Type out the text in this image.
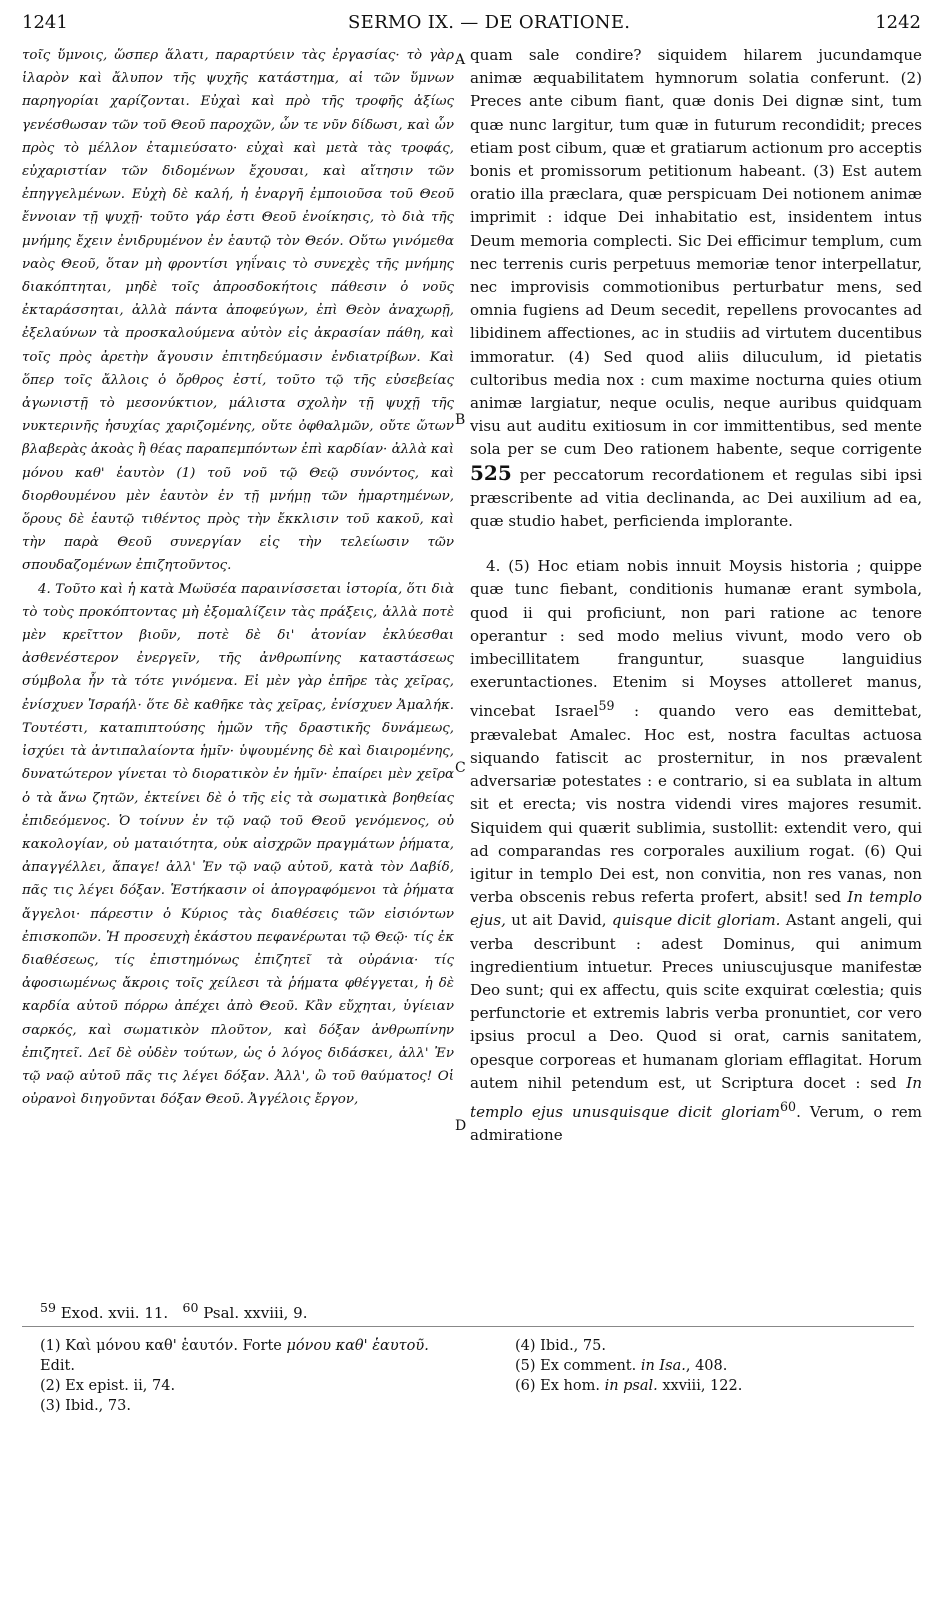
1241	SERMO IX. — DE ORATIONE.	1242

τοῖς ὕμνοις, ὥσπερ ἅλατι, παραρτύειν τὰς ἐργασίας· τὸ γὰρ ἱλαρὸν καὶ ἄλυπον τῆς ψυχῆς κατάστημα, αἱ τῶν ὕμνων παρηγορίαι χαρίζονται. Εὐχαὶ καὶ πρὸ τῆς τροφῆς ἀξίως γενέσθωσαν τῶν τοῦ Θεοῦ παροχῶν, ὧν τε νῦν δίδωσι, καὶ ὧν πρὸς τὸ μέλλον ἐταμιεύσατο· εὐχαὶ καὶ μετὰ τὰς τροφάς, εὐχαριστίαν τῶν διδομένων ἔχουσαι, καὶ αἴτησιν τῶν ἐπηγγελμένων. Εὐχὴ δὲ καλή, ἡ ἐναργῆ ἐμποιοῦσα τοῦ Θεοῦ ἔννοιαν τῇ ψυχῇ· τοῦτο γάρ ἐστι Θεοῦ ἐνοίκησις, τὸ διὰ τῆς μνήμης ἔχειν ἐνιδρυμένον ἐν ἑαυτῷ τὸν Θεόν. Οὕτω γινόμεθα ναὸς Θεοῦ, ὅταν μὴ φροντίσι γηΐναις τὸ συνεχὲς τῆς μνήμης διακόπτηται, μηδὲ τοῖς ἀπροσδοκήτοις πάθεσιν ὁ νοῦς ἐκταράσσηται, ἀλλὰ πάντα ἀποφεύγων, ἐπὶ Θεὸν ἀναχωρῇ, ἐξελαύνων τὰ προσκαλούμενα αὐτὸν εἰς ἀκρασίαν πάθη, καὶ τοῖς πρὸς ἀρετὴν ἄγουσιν ἐπιτηδεύμασιν ἐνδιατρίβων. Καὶ ὅπερ τοῖς ἄλλοις ὁ ὄρθρος ἐστί, τοῦτο τῷ τῆς εὐσεβείας ἀγωνιστῇ τὸ μεσονύκτιον, μάλιστα σχολὴν τῇ ψυχῇ τῆς νυκτερινῆς ἡσυχίας χαριζομένης, οὔτε ὀφθαλμῶν, οὔτε ὤτων βλαβερὰς ἀκοὰς ἢ θέας παραπεμπόντων ἐπὶ καρδίαν· ἀλλὰ καὶ μόνου καθ' ἑαυτὸν (1) τοῦ νοῦ τῷ Θεῷ συνόντος, καὶ διορθουμένου μὲν ἑαυτὸν ἐν τῇ μνήμῃ τῶν ἡμαρτημένων, ὅρους δὲ ἑαυτῷ τιθέντος πρὸς τὴν ἔκκλισιν τοῦ κακοῦ, καὶ τὴν παρὰ Θεοῦ συνεργίαν εἰς τὴν τελείωσιν τῶν σπουδαζομένων ἐπιζητοῦντος.

4. Τοῦτο καὶ ἡ κατὰ Μωϋσέα παραινίσσεται ἱστορία, ὅτι διὰ τὸ τοὺς προκόπτοντας μὴ ἐξομαλίζειν τὰς πράξεις, ἀλλὰ ποτὲ μὲν κρεῖττον βιοῦν, ποτὲ δὲ δι' ἀτονίαν ἐκλύεσθαι ἀσθενέστερον ἐνεργεῖν, τῆς ἀνθρωπίνης καταστάσεως σύμβολα ἦν τὰ τότε γινόμενα. Εἰ μὲν γὰρ ἐπῆρε τὰς χεῖρας, ἐνίσχυεν Ἰσραήλ· ὅτε δὲ καθῆκε τὰς χεῖρας, ἐνίσχυεν Ἀμαλήκ. Τουτέστι, καταπιπτούσης ἡμῶν τῆς δραστικῆς δυνάμεως, ἰσχύει τὰ ἀντιπαλαίοντα ἡμῖν· ὑψουμένης δὲ καὶ διαιρομένης, δυνατώτερον γίνεται τὸ διορατικὸν ἐν ἡμῖν· ἐπαίρει μὲν χεῖρα ὁ τὰ ἄνω ζητῶν, ἐκτείνει δὲ ὁ τῆς εἰς τὰ σωματικὰ βοηθείας ἐπιδεόμενος. Ὁ τοίνυν ἐν τῷ ναῷ τοῦ Θεοῦ γενόμενος, οὐ κακολογίαν, οὐ ματαιότητα, οὐκ αἰσχρῶν πραγμάτων ῥήματα, ἀπαγγέλλει, ἄπαγε! ἀλλ' Ἐν τῷ ναῷ αὐτοῦ, κατὰ τὸν Δαβίδ, πᾶς τις λέγει δόξαν. Ἑστήκασιν οἱ ἀπογραφόμενοι τὰ ῥήματα ἄγγελοι· πάρεστιν ὁ Κύριος τὰς διαθέσεις τῶν εἰσιόντων ἐπισκοπῶν. Ἡ προσευχὴ ἑκάστου πεφανέρωται τῷ Θεῷ· τίς ἐκ διαθέσεως, τίς ἐπιστημόνως ἐπιζητεῖ τὰ οὐράνια· τίς ἀφοσιωμένως ἄκροις τοῖς χείλεσι τὰ ῥήματα φθέγγεται, ἡ δὲ καρδία αὐτοῦ πόρρω ἀπέχει ἀπὸ Θεοῦ. Κἂν εὔχηται, ὑγίειαν σαρκός, καὶ σωματικὸν πλοῦτον, καὶ δόξαν ἀνθρωπίνην ἐπιζητεῖ. Δεῖ δὲ οὐδὲν τούτων, ὡς ὁ λόγος διδάσκει, ἀλλ' Ἐν τῷ ναῷ αὐτοῦ πᾶς τις λέγει δόξαν. Ἀλλ', ὢ τοῦ θαύματος! Οἱ οὐρανοὶ διηγοῦνται δόξαν Θεοῦ. Ἀγγέλοις ἔργον,

A
B
C
D

quam sale condire? siquidem hilarem jucundamque animæ æquabilitatem hymnorum solatia conferunt. (2) Preces ante cibum fiant, quæ donis Dei dignæ sint, tum quæ nunc largitur, tum quæ in futurum recondidit; preces etiam post cibum, quæ et gratiarum actionum pro acceptis bonis et promissorum petitionum habeant. (3) Est autem oratio illa præclara, quæ perspicuam Dei notionem animæ imprimit : idque Dei inhabitatio est, insidentem intus Deum memoria complecti. Sic Dei efficimur templum, cum nec terrenis curis perpetuus memoriæ tenor interpellatur, nec improvisis commotionibus perturbatur mens, sed omnia fugiens ad Deum secedit, repellens provocantes ad libidinem affectiones, ac in studiis ad virtutem ducentibus immoratur. (4) Sed quod aliis diluculum, id pietatis cultoribus media nox : cum maxime nocturna quies otium animæ largiatur, neque oculis, neque auribus quidquam visu aut auditu exitiosum in cor immittentibus, sed mente sola per se cum Deo rationem habente, seque corrigente 525 per peccatorum recordationem et regulas sibi ipsi præscribente ad vitia declinanda, ac Dei auxilium ad ea, quæ studio habet, perficienda implorante.

4. (5) Hoc etiam nobis innuit Moysis historia ; quippe quæ tunc fiebant, conditionis humanæ erant symbola, quod ii qui proficiunt, non pari ratione ac tenore operantur : sed modo melius vivunt, modo vero ob imbecillitatem franguntur, suasque languidius exeruntactiones. Etenim si Moyses attolleret manus, vincebat Israel$^{59}$ : quando vero eas demittebat, prævalebat Amalec. Hoc est, nostra facultas actuosa siquando fatiscit ac prosternitur, in nos prævalent adversariæ potestates : e contrario, si ea sublata in altum sit et erecta; vis nostra videndi vires majores resumit. Siquidem qui quærit sublimia, sustollit: extendit vero, qui ad comparandas res corporales auxilium rogat. (6) Qui igitur in templo Dei est, non convitia, non res vanas, non verba obscenis rebus referta profert, absit! sed In templo ejus, ut ait David, quisque dicit gloriam. Astant angeli, qui verba describunt : adest Dominus, qui animum ingredientium intuetur. Preces uniuscujusque manifestæ Deo sunt; qui ex affectu, quis scite exquirat cœlestia; quis perfunctorie et extremis labris verba pronuntiet, cor vero ipsius procul a Deo. Quod si orat, carnis sanitatem, opesque corporeas et humanam gloriam efflagitat. Horum autem nihil petendum est, ut Scriptura docet : sed In templo ejus unusquisque dicit gloriam$^{60}$. Verum, o rem admiratione

$^{59}$ Exod. xvii. 11. $^{60}$ Psal. xxviii, 9.

(1) Καὶ μόνου καθ' ἑαυτόν. Forte μόνου καθ' ἑαυτοῦ. Edit.

(2) Ex epist. ii, 74.

(3) Ibid., 73.

(4) Ibid., 75.

(5) Ex comment. in Isa., 408.

(6) Ex hom. in psal. xxviii, 122.
